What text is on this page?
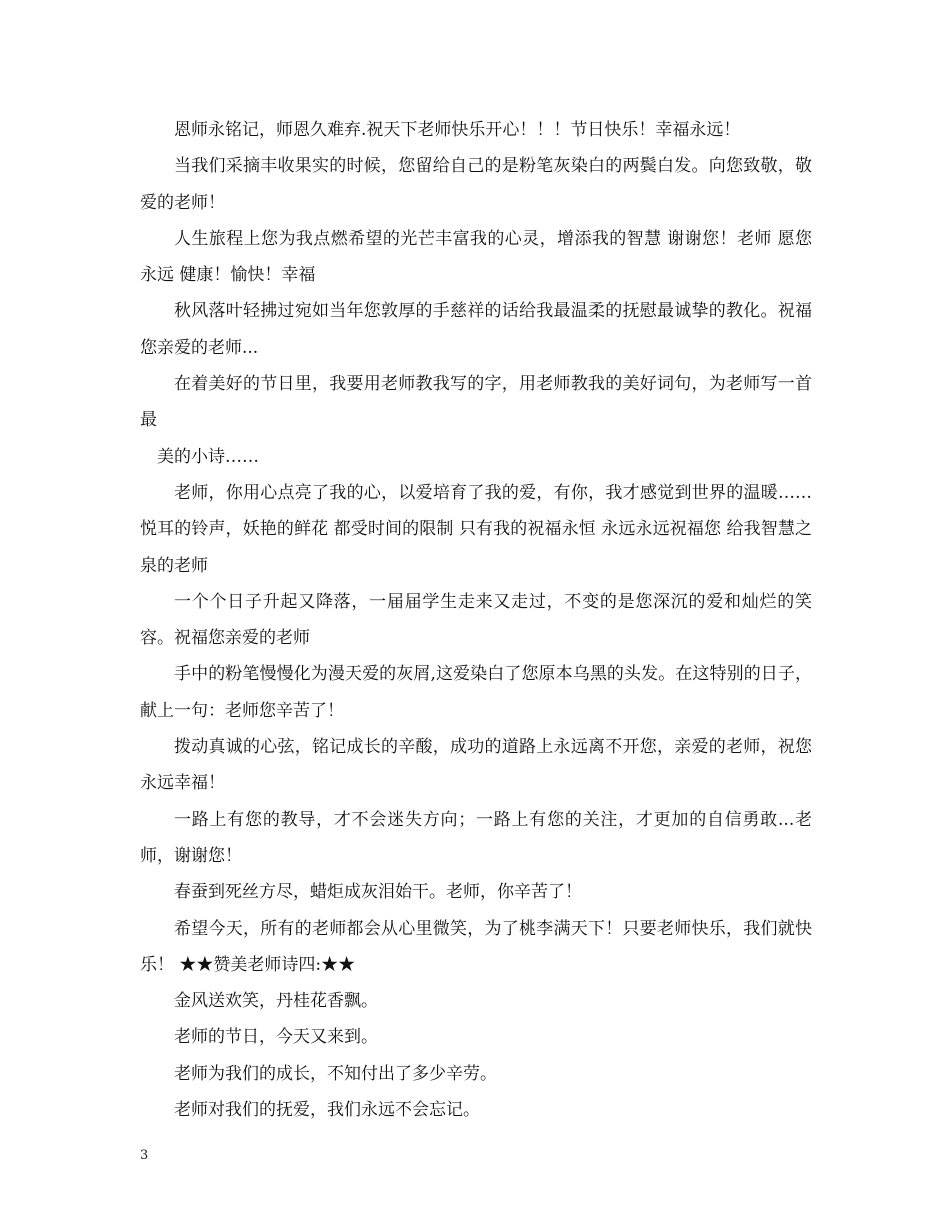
恩师永铭记，师恩久难弃.祝天下老师快乐开心！！！节日快乐！幸福永远！

当我们采摘丰收果实的时候，您留给自己的是粉笔灰染白的两鬓白发。向您致敬，敬爱的老师！

人生旅程上您为我点燃希望的光芒丰富我的心灵，增添我的智慧 谢谢您！老师 愿您永远 健康！愉快！幸福

秋风落叶轻拂过宛如当年您敦厚的手慈祥的话给我最温柔的抚慰最诚挚的教化。祝福您亲爱的老师...

在着美好的节日里，我要用老师教我写的字，用老师教我的美好词句，为老师写一首最

美的小诗……

老师，你用心点亮了我的心，以爱培育了我的爱，有你，我才感觉到世界的温暖……悦耳的铃声，妖艳的鲜花 都受时间的限制 只有我的祝福永恒 永远永远祝福您 给我智慧之泉的老师

一个个日子升起又降落，一届届学生走来又走过，不变的是您深沉的爱和灿烂的笑容。祝福您亲爱的老师

手中的粉笔慢慢化为漫天爱的灰屑,这爱染白了您原本乌黑的头发。在这特别的日子，献上一句：老师您辛苦了！

拨动真诚的心弦，铭记成长的辛酸，成功的道路上永远离不开您，亲爱的老师，祝您永远幸福！

一路上有您的教导，才不会迷失方向；一路上有您的关注，才更加的自信勇敢...老师，谢谢您！

春蚕到死丝方尽，蜡炬成灰泪始干。老师，你辛苦了！

希望今天，所有的老师都会从心里微笑，为了桃李满天下！只要老师快乐，我们就快乐！ ★★赞美老师诗四:★★

金风送欢笑，丹桂花香飘。

老师的节日，今天又来到。

老师为我们的成长，不知付出了多少辛劳。

老师对我们的抚爱，我们永远不会忘记。

3
